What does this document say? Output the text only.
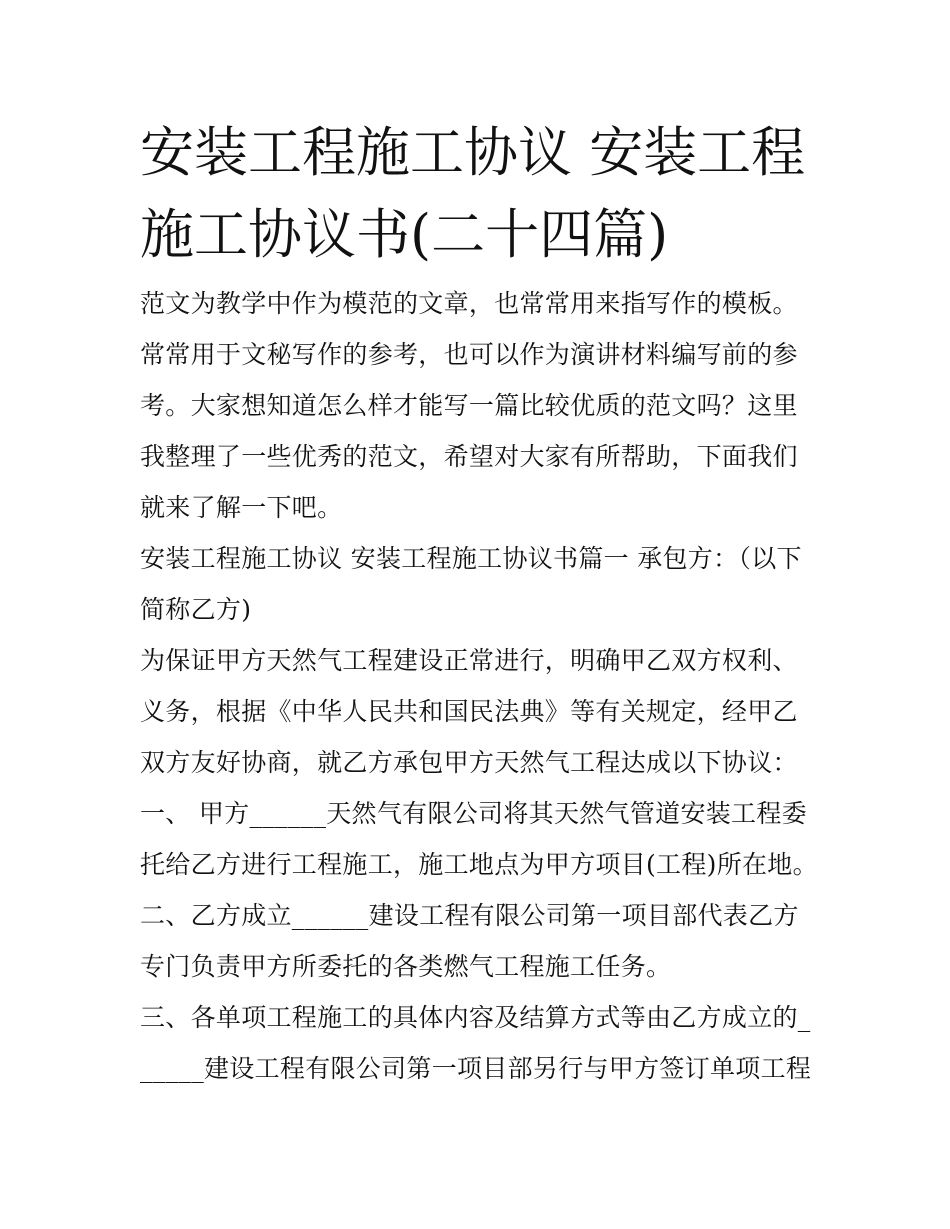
安装工程施工协议 安装工程施工协议书(二十四篇)

范文为教学中作为模范的文章，也常常用来指写作的模板。常常用于文秘写作的参考，也可以作为演讲材料编写前的参考。大家想知道怎么样才能写一篇比较优质的范文吗？这里我整理了一些优秀的范文，希望对大家有所帮助，下面我们就来了解一下吧。

安装工程施工协议 安装工程施工协议书篇一 承包方：（以下简称乙方)

为保证甲方天然气工程建设正常进行，明确甲乙双方权利、义务，根据《中华人民共和国民法典》等有关规定，经甲乙双方友好协商，就乙方承包甲方天然气工程达成以下协议：

一、 甲方______天然气有限公司将其天然气管道安装工程委托给乙方进行工程施工，施工地点为甲方项目(工程)所在地。

二、乙方成立______建设工程有限公司第一项目部代表乙方专门负责甲方所委托的各类燃气工程施工任务。

三、各单项工程施工的具体内容及结算方式等由乙方成立的______建设工程有限公司第一项目部另行与甲方签订单项工程
